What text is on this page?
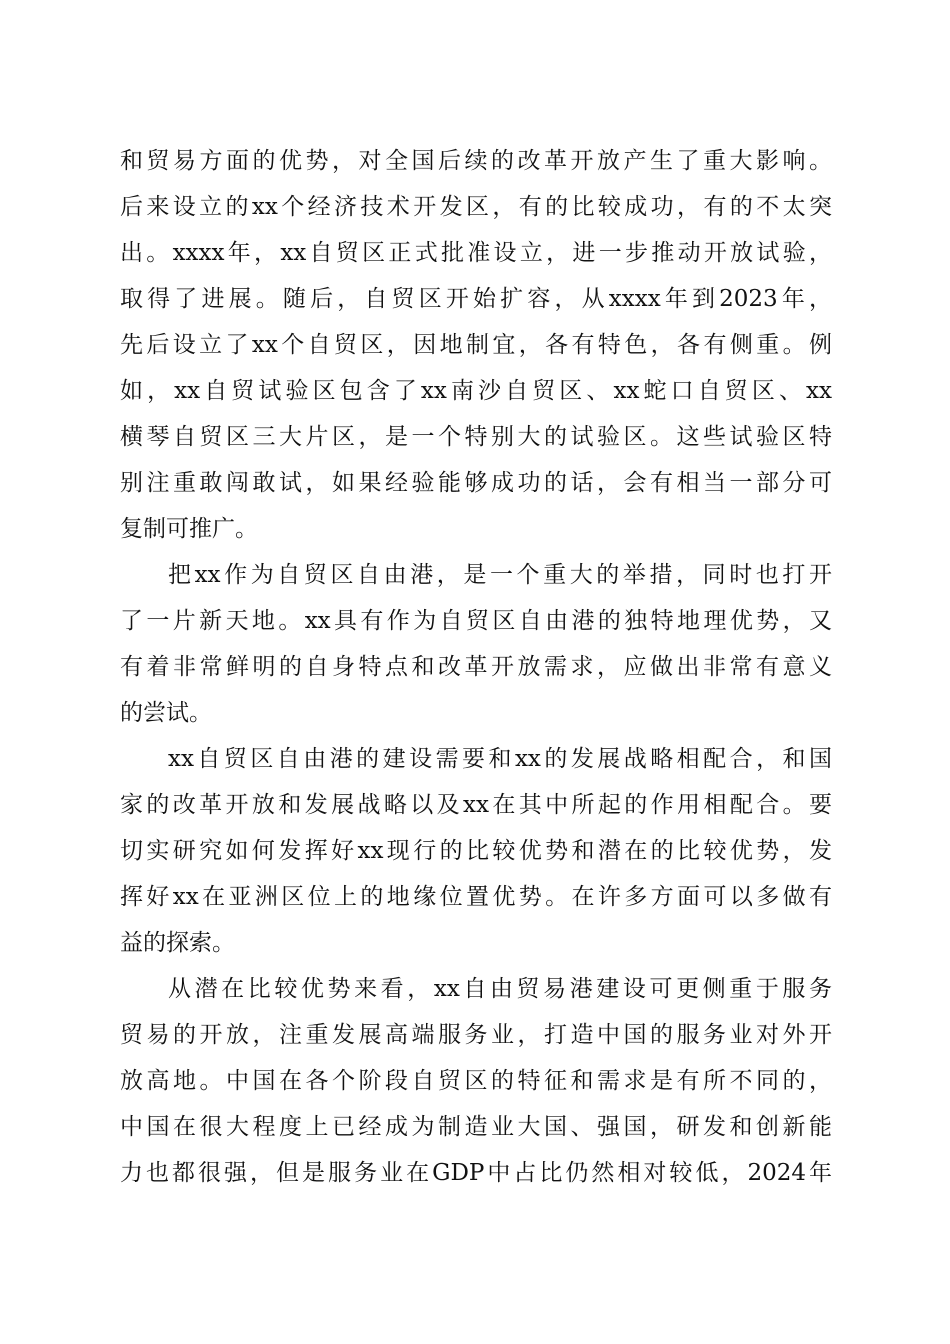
和贸易方面的优势，对全国后续的改革开放产生了重大影响。
后来设立的xx个经济技术开发区，有的比较成功，有的不太突
出。xxxx年，xx自贸区正式批准设立，进一步推动开放试验，
取得了进展。随后，自贸区开始扩容，从xxxx年到2023年，
先后设立了xx个自贸区，因地制宜，各有特色，各有侧重。例
如，xx自贸试验区包含了xx南沙自贸区、xx蛇口自贸区、xx
横琴自贸区三大片区，是一个特别大的试验区。这些试验区特
别注重敢闯敢试，如果经验能够成功的话，会有相当一部分可
复制可推广。
把xx作为自贸区自由港，是一个重大的举措，同时也打开
了一片新天地。xx具有作为自贸区自由港的独特地理优势，又
有着非常鲜明的自身特点和改革开放需求，应做出非常有意义
的尝试。
xx自贸区自由港的建设需要和xx的发展战略相配合，和国
家的改革开放和发展战略以及xx在其中所起的作用相配合。要
切实研究如何发挥好xx现行的比较优势和潜在的比较优势，发
挥好xx在亚洲区位上的地缘位置优势。在许多方面可以多做有
益的探索。
从潜在比较优势来看，xx自由贸易港建设可更侧重于服务
贸易的开放，注重发展高端服务业，打造中国的服务业对外开
放高地。中国在各个阶段自贸区的特征和需求是有所不同的，
中国在很大程度上已经成为制造业大国、强国，研发和创新能
力也都很强，但是服务业在GDP中占比仍然相对较低，2024年
